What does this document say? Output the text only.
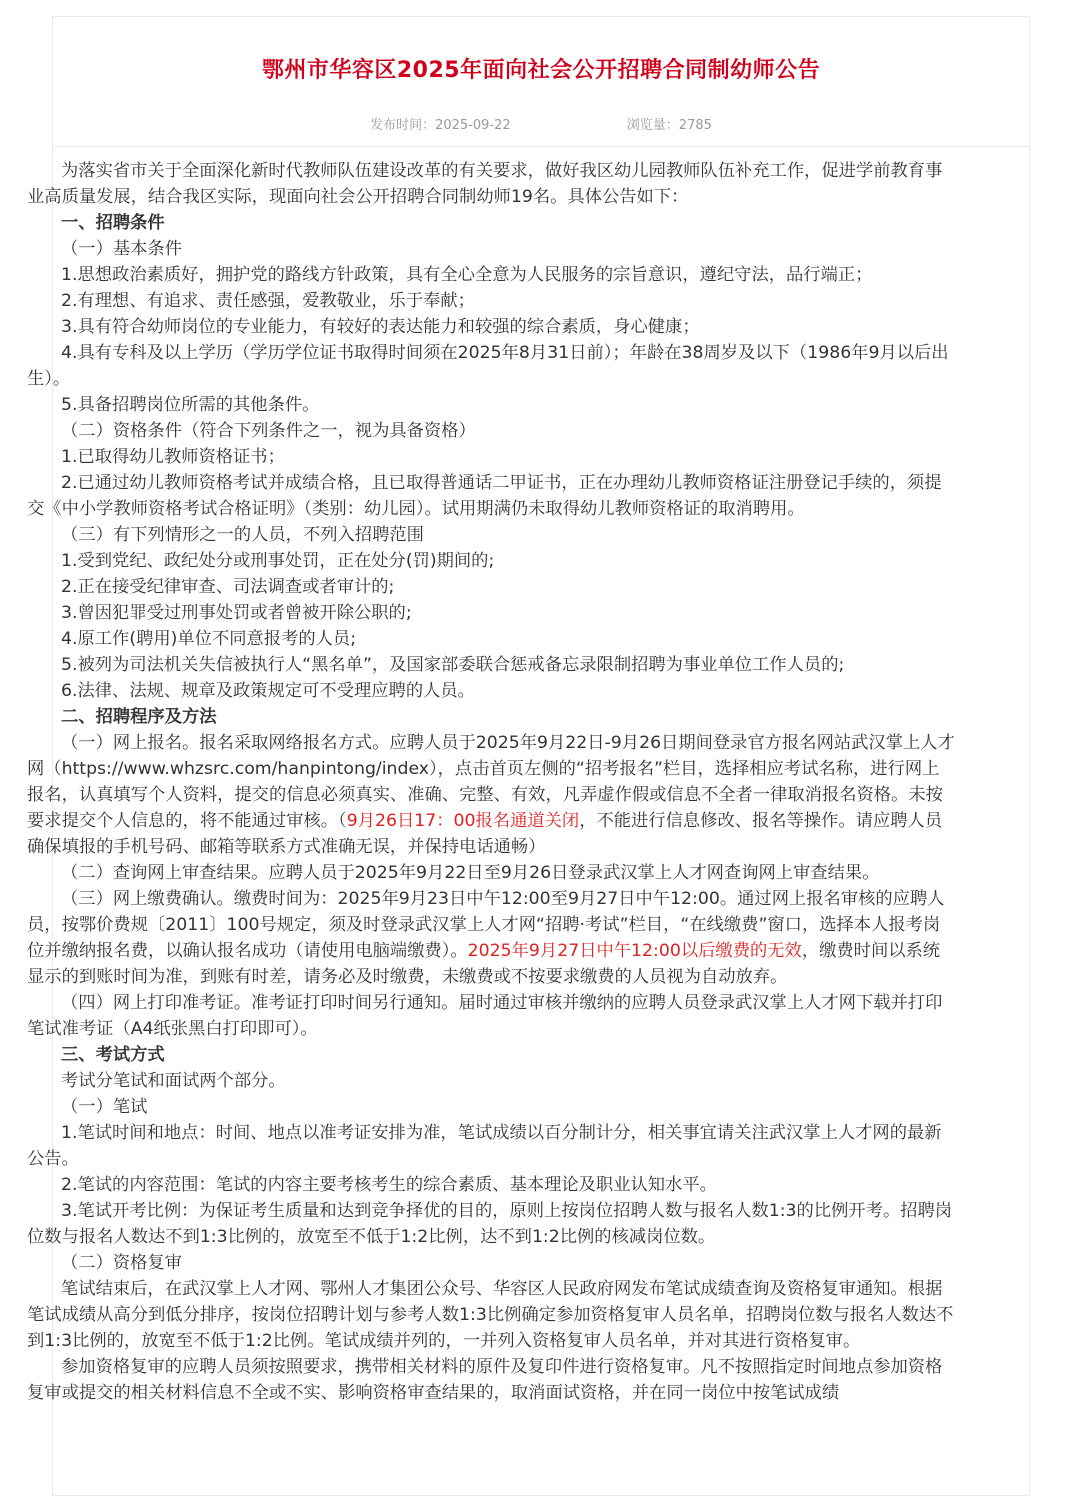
鄂州市华容区2025年面向社会公开招聘合同制幼师公告
发布时间：2025-09-22	浏览量：2785

为落实省市关于全面深化新时代教师队伍建设改革的有关要求，做好我区幼儿园教师队伍补充工作，促进学前教育事业高质量发展，结合我区实际，现面向社会公开招聘合同制幼师19名。具体公告如下：

一、招聘条件

（一）基本条件

1.思想政治素质好，拥护党的路线方针政策，具有全心全意为人民服务的宗旨意识，遵纪守法，品行端正；

2.有理想、有追求、责任感强，爱教敬业，乐于奉献；

3.具有符合幼师岗位的专业能力，有较好的表达能力和较强的综合素质，身心健康；

4.具有专科及以上学历（学历学位证书取得时间须在2025年8月31日前）；年龄在38周岁及以下（1986年9月以后出生）。

5.具备招聘岗位所需的其他条件。

（二）资格条件（符合下列条件之一，视为具备资格）

1.已取得幼儿教师资格证书；

2.已通过幼儿教师资格考试并成绩合格，且已取得普通话二甲证书，正在办理幼儿教师资格证注册登记手续的，须提交《中小学教师资格考试合格证明》（类别：幼儿园）。试用期满仍未取得幼儿教师资格证的取消聘用。

（三）有下列情形之一的人员，不列入招聘范围

1.受到党纪、政纪处分或刑事处罚，正在处分(罚)期间的;

2.正在接受纪律审查、司法调查或者审计的;

3.曾因犯罪受过刑事处罚或者曾被开除公职的;

4.原工作(聘用)单位不同意报考的人员;

5.被列为司法机关失信被执行人“黑名单”，及国家部委联合惩戒备忘录限制招聘为事业单位工作人员的;

6.法律、法规、规章及政策规定可不受理应聘的人员。

二、招聘程序及方法

（一）网上报名。报名采取网络报名方式。应聘人员于2025年9月22日-9月26日期间登录官方报名网站武汉掌上人才网（https://www.whzsrc.com/hanpintong/index），点击首页左侧的“招考报名”栏目，选择相应考试名称，进行网上报名，认真填写个人资料，提交的信息必须真实、准确、完整、有效，凡弄虚作假或信息不全者一律取消报名资格。未按要求提交个人信息的，将不能通过审核。（9月26日17：00报名通道关闭，不能进行信息修改、报名等操作。请应聘人员确保填报的手机号码、邮箱等联系方式准确无误，并保持电话通畅）

（二）查询网上审查结果。应聘人员于2025年9月22日至9月26日登录武汉掌上人才网查询网上审查结果。

（三）网上缴费确认。缴费时间为：2025年9月23日中午12:00至9月27日中午12:00。通过网上报名审核的应聘人员，按鄂价费规〔2011〕100号规定，须及时登录武汉掌上人才网“招聘·考试”栏目，“在线缴费”窗口，选择本人报考岗位并缴纳报名费，以确认报名成功（请使用电脑端缴费）。2025年9月27日中午12:00以后缴费的无效，缴费时间以系统显示的到账时间为准，到账有时差，请务必及时缴费，未缴费或不按要求缴费的人员视为自动放弃。

（四）网上打印准考证。准考证打印时间另行通知。届时通过审核并缴纳的应聘人员登录武汉掌上人才网下载并打印笔试准考证（A4纸张黑白打印即可）。

三、考试方式

考试分笔试和面试两个部分。

（一）笔试

1.笔试时间和地点：时间、地点以准考证安排为准，笔试成绩以百分制计分，相关事宜请关注武汉掌上人才网的最新公告。

2.笔试的内容范围：笔试的内容主要考核考生的综合素质、基本理论及职业认知水平。

3.笔试开考比例：为保证考生质量和达到竞争择优的目的，原则上按岗位招聘人数与报名人数1:3的比例开考。招聘岗位数与报名人数达不到1:3比例的，放宽至不低于1:2比例，达不到1:2比例的核减岗位数。

（二）资格复审

笔试结束后，在武汉掌上人才网、鄂州人才集团公众号、华容区人民政府网发布笔试成绩查询及资格复审通知。根据笔试成绩从高分到低分排序，按岗位招聘计划与参考人数1:3比例确定参加资格复审人员名单，招聘岗位数与报名人数达不到1:3比例的，放宽至不低于1:2比例。笔试成绩并列的，一并列入资格复审人员名单，并对其进行资格复审。

参加资格复审的应聘人员须按照要求，携带相关材料的原件及复印件进行资格复审。凡不按照指定时间地点参加资格复审或提交的相关材料信息不全或不实、影响资格审查结果的，取消面试资格，并在同一岗位中按笔试成绩
